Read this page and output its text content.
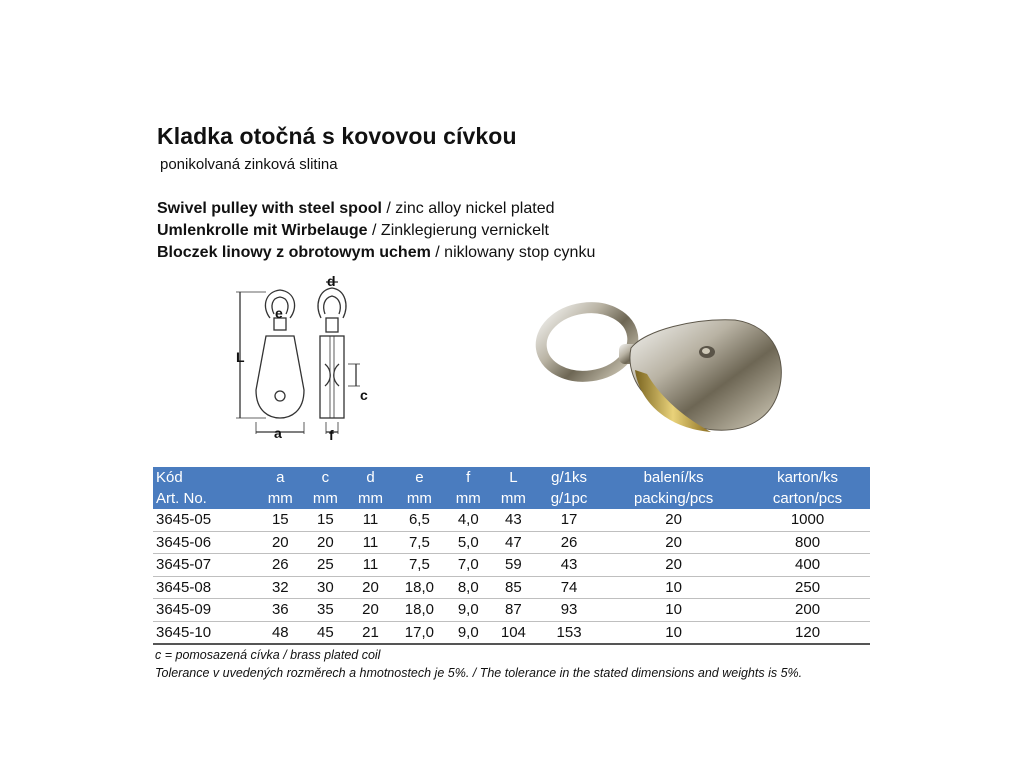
Kladka otočná s kovovou cívkou
ponikolvaná zinková slitina
Swivel pulley with steel spool / zinc alloy nickel plated
Umlenkrolle mit Wirbelauge / Zinklegierung vernickelt
Bloczek linowy z obrotowym uchem / niklowany stop cynku
d
e
L
c
a	f
Kód	a	c	d	e	f	L	g/1ks	balení/ks	karton/ks
Art. No.	mm	mm	mm	mm	mm	mm	g/1pc	packing/pcs	carton/pcs
3645-05	15	15	11	6,5	4,0	43	17	20	1000
3645-06	20	20	11	7,5	5,0	47	26	20	800
3645-07	26	25	11	7,5	7,0	59	43	20	400
3645-08	32	30	20	18,0	8,0	85	74	10	250
3645-09	36	35	20	18,0	9,0	87	93	10	200
3645-10	48	45	21	17,0	9,0	104	153	10	120
c = pomosazená cívka / brass plated coil
Tolerance v uvedených rozměrech a hmotnostech je 5%. / The tolerance in the stated dimensions and weights is 5%.
